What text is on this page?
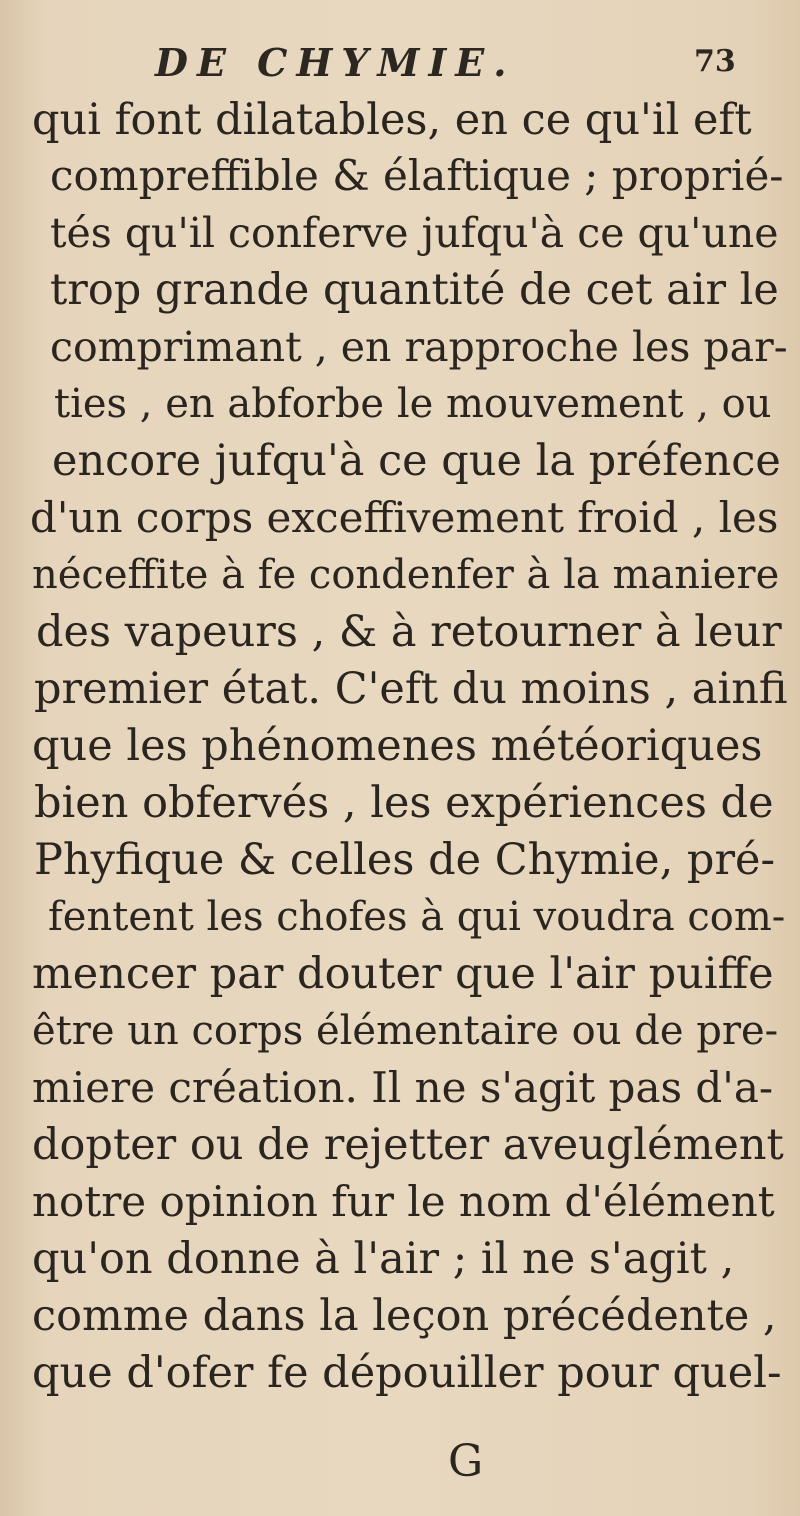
DE CHYMIE.	73
qui font dilatables, en ce qu'il eft
compreffible & élaftique ; proprié-
tés qu'il conferve jufqu'à ce qu'une
trop grande quantité de cet air le
comprimant , en rapproche les par-
ties , en abforbe le mouvement , ou
encore jufqu'à ce que la préfence
d'un corps exceffivement froid , les
néceffite à fe condenfer à la maniere
des vapeurs , & à retourner à leur
premier état. C'eft du moins , ainfi
que les phénomenes météoriques
bien obfervés , les expériences de
Phyfique & celles de Chymie, pré-
fentent les chofes à qui voudra com-
mencer par douter que l'air puiffe
être un corps élémentaire ou de pre-
miere création. Il ne s'agit pas d'a-
dopter ou de rejetter aveuglément
notre opinion fur le nom d'élément
qu'on donne à l'air ; il ne s'agit ,
comme dans la leçon précédente ,
que d'ofer fe dépouiller pour quel-
G
